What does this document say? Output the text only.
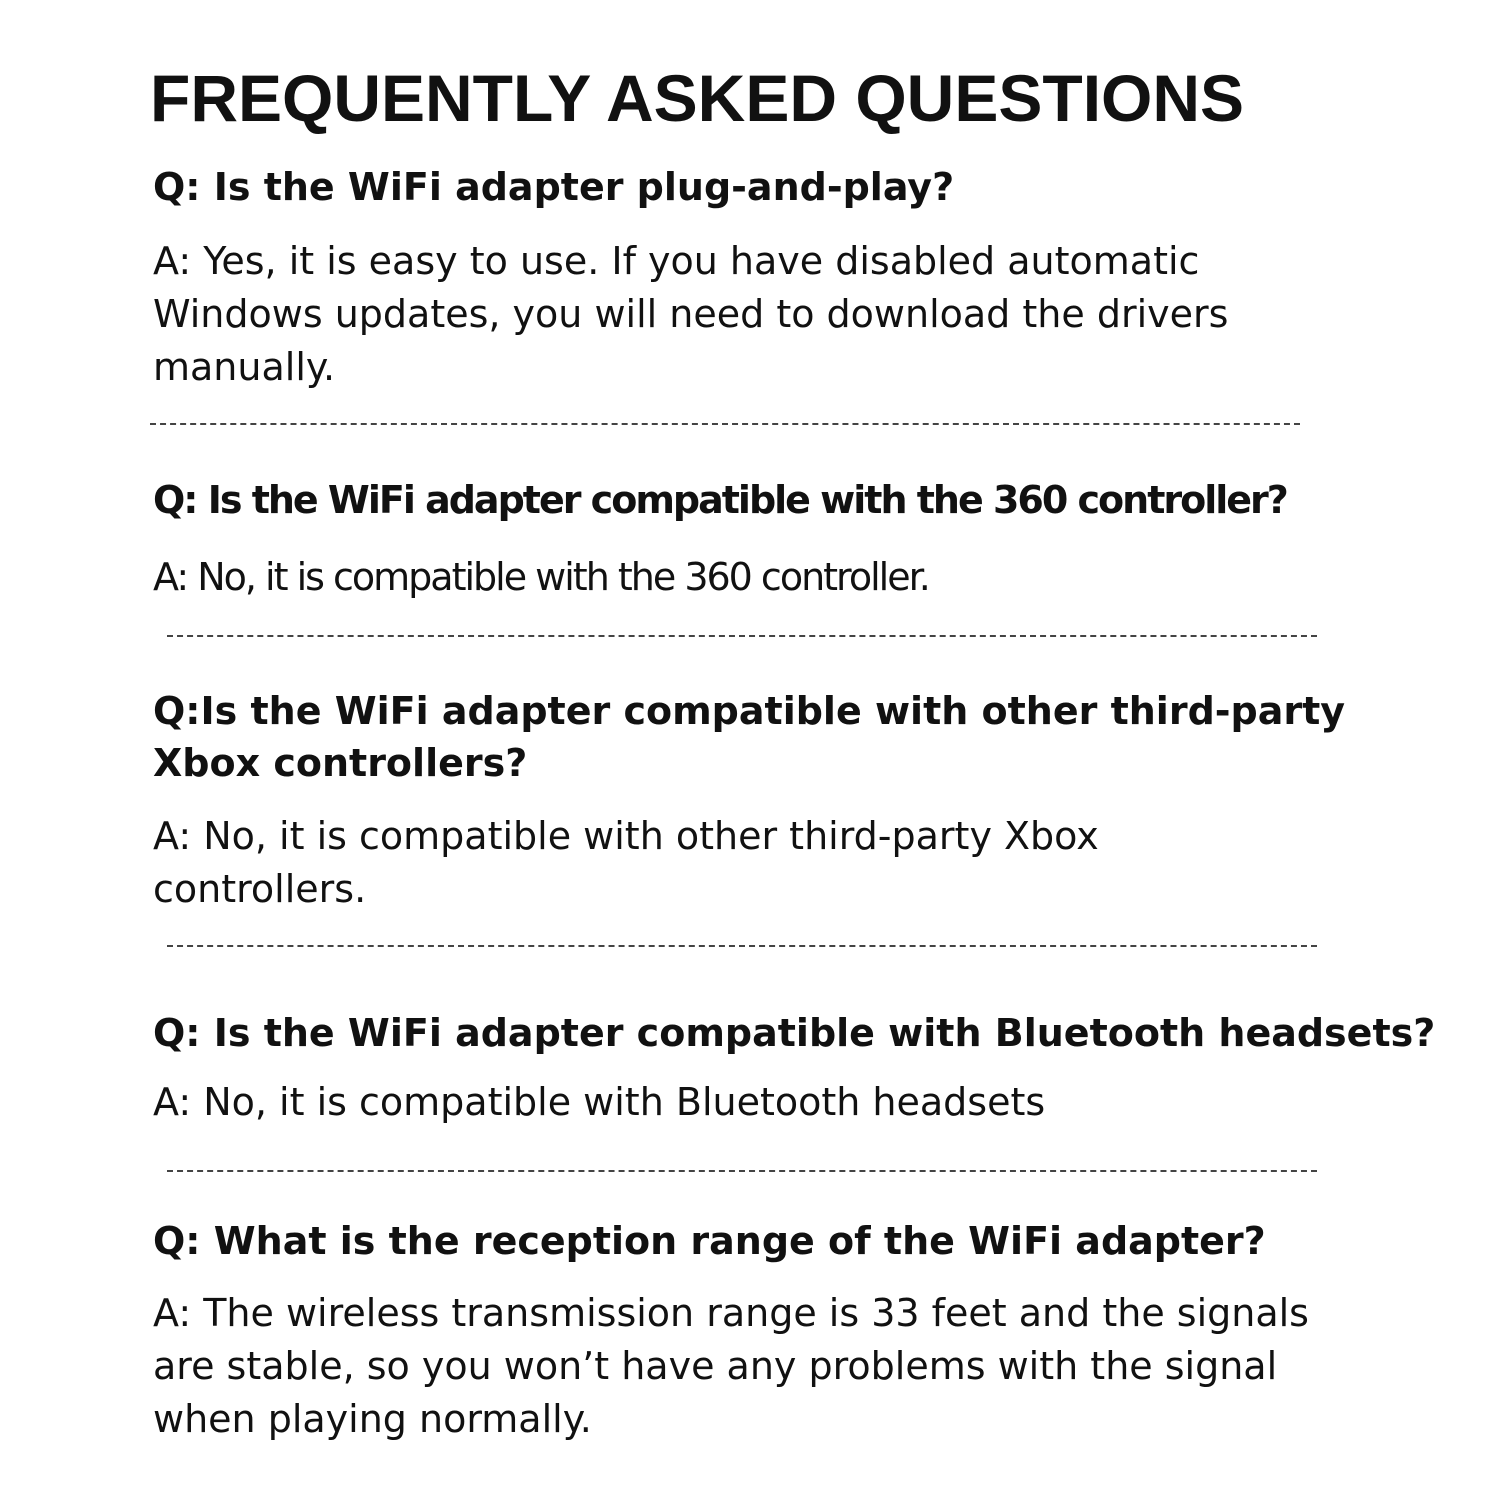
FREQUENTLY ASKED QUESTIONS
Q: Is the WiFi adapter plug-and-play?
A: Yes, it is easy to use. If you have disabled automatic
Windows updates, you will need to download the drivers
manually.
Q: Is the WiFi adapter compatible with the 360 controller?
A: No, it is compatible with the 360 controller.
Q:Is the WiFi adapter compatible with other third-party
Xbox controllers?
A: No, it is compatible with other third-party Xbox
controllers.
Q: Is the WiFi adapter compatible with Bluetooth headsets?
A: No, it is compatible with Bluetooth headsets
Q: What is the reception range of the WiFi adapter?
A: The wireless transmission range is 33 feet and the signals
are stable, so you won’t have any problems with the signal
when playing normally.
